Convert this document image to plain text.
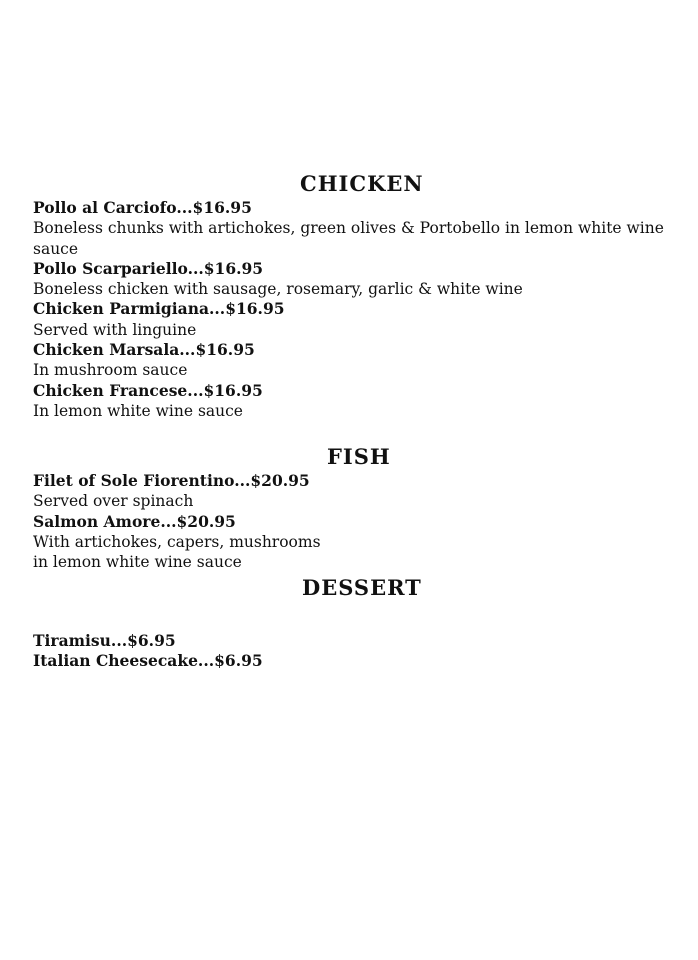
CHICKEN
Pollo al Carciofo...$16.95
Boneless chunks with artichokes, green olives & Portobello in lemon white wine sauce
Pollo Scarpariello...$16.95
Boneless chicken with sausage, rosemary, garlic & white wine
Chicken Parmigiana...$16.95
Served with linguine
Chicken Marsala...$16.95
In mushroom sauce
Chicken Francese...$16.95
In lemon white wine sauce
FISH
Filet of Sole Fiorentino...$20.95
Served over spinach
Salmon Amore...$20.95
With artichokes, capers, mushrooms
in lemon white wine sauce
DESSERT
Tiramisu...$6.95
Italian Cheesecake...$6.95
